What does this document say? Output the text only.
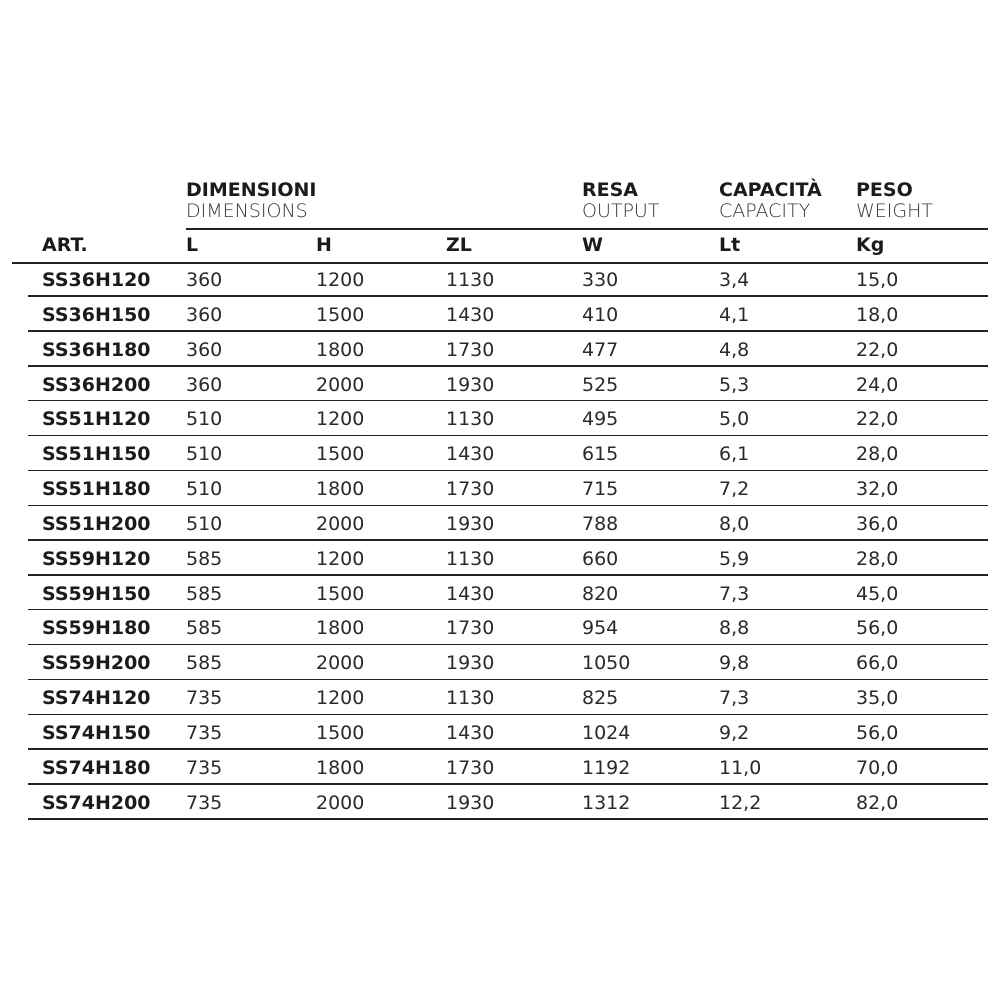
DIMENSIONI
DIMENSIONS
RESA
OUTPUT
CAPACITÀ
CAPACITY
PESO
WEIGHT
ART.	L	H	ZL	W	Lt	Kg
SS36H120 360	1200	1130	330	3,4	15,0
SS36H150 360	1500	1430	410	4,1	18,0
SS36H180 360	1800	1730	477	4,8	22,0
SS36H200 360	2000	1930	525	5,3	24,0
SS51H120 510	1200	1130	495	5,0	22,0
SS51H150 510	1500	1430	615	6,1	28,0
SS51H180 510	1800	1730	715	7,2	32,0
SS51H200 510	2000	1930	788	8,0	36,0
SS59H120 585	1200	1130	660	5,9	28,0
SS59H150 585	1500	1430	820	7,3	45,0
SS59H180 585	1800	1730	954	8,8	56,0
SS59H200 585	2000	1930	1050	9,8	66,0
SS74H120 735	1200	1130	825	7,3	35,0
SS74H150 735	1500	1430	1024	9,2	56,0
SS74H180 735	1800	1730	1192	11,0	70,0
SS74H200 735	2000	1930	1312	12,2	82,0
